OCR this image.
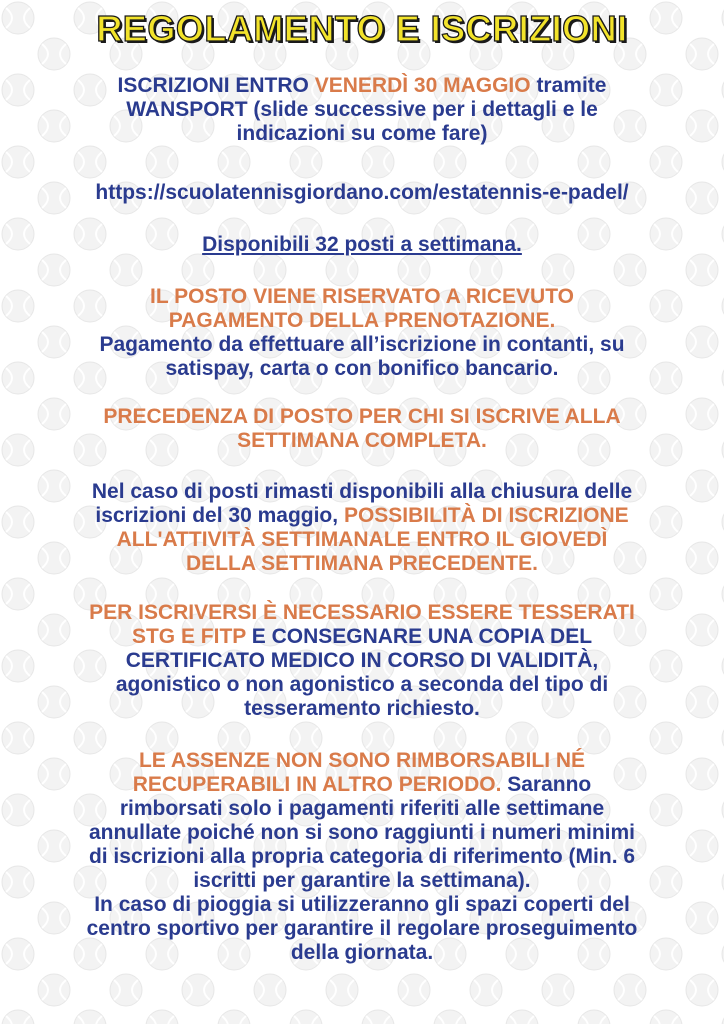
REGOLAMENTO E ISCRIZIONI
ISCRIZIONI ENTRO VENERDÌ 30 MAGGIO tramite
WANSPORT (slide successive per i dettagli e le
indicazioni su come fare)
https://scuolatennisgiordano.com/estatennis-e-padel/
Disponibili 32 posti a settimana.
IL POSTO VIENE RISERVATO A RICEVUTO
PAGAMENTO DELLA PRENOTAZIONE.
Pagamento da effettuare all’iscrizione in contanti, su
satispay, carta o con bonifico bancario.
PRECEDENZA DI POSTO PER CHI SI ISCRIVE ALLA
SETTIMANA COMPLETA.
Nel caso di posti rimasti disponibili alla chiusura delle
iscrizioni del 30 maggio, POSSIBILITÀ DI ISCRIZIONE
ALL'ATTIVITÀ SETTIMANALE ENTRO IL GIOVEDÌ
DELLA SETTIMANA PRECEDENTE.
PER ISCRIVERSI È NECESSARIO ESSERE TESSERATI
STG E FITP E CONSEGNARE UNA COPIA DEL
CERTIFICATO MEDICO IN CORSO DI VALIDITÀ,
agonistico o non agonistico a seconda del tipo di
tesseramento richiesto.
LE ASSENZE NON SONO RIMBORSABILI NÉ
RECUPERABILI IN ALTRO PERIODO. Saranno
rimborsati solo i pagamenti riferiti alle settimane
annullate poiché non si sono raggiunti i numeri minimi
di iscrizioni alla propria categoria di riferimento (Min. 6
iscritti per garantire la settimana).
In caso di pioggia si utilizzeranno gli spazi coperti del
centro sportivo per garantire il regolare proseguimento
della giornata.
